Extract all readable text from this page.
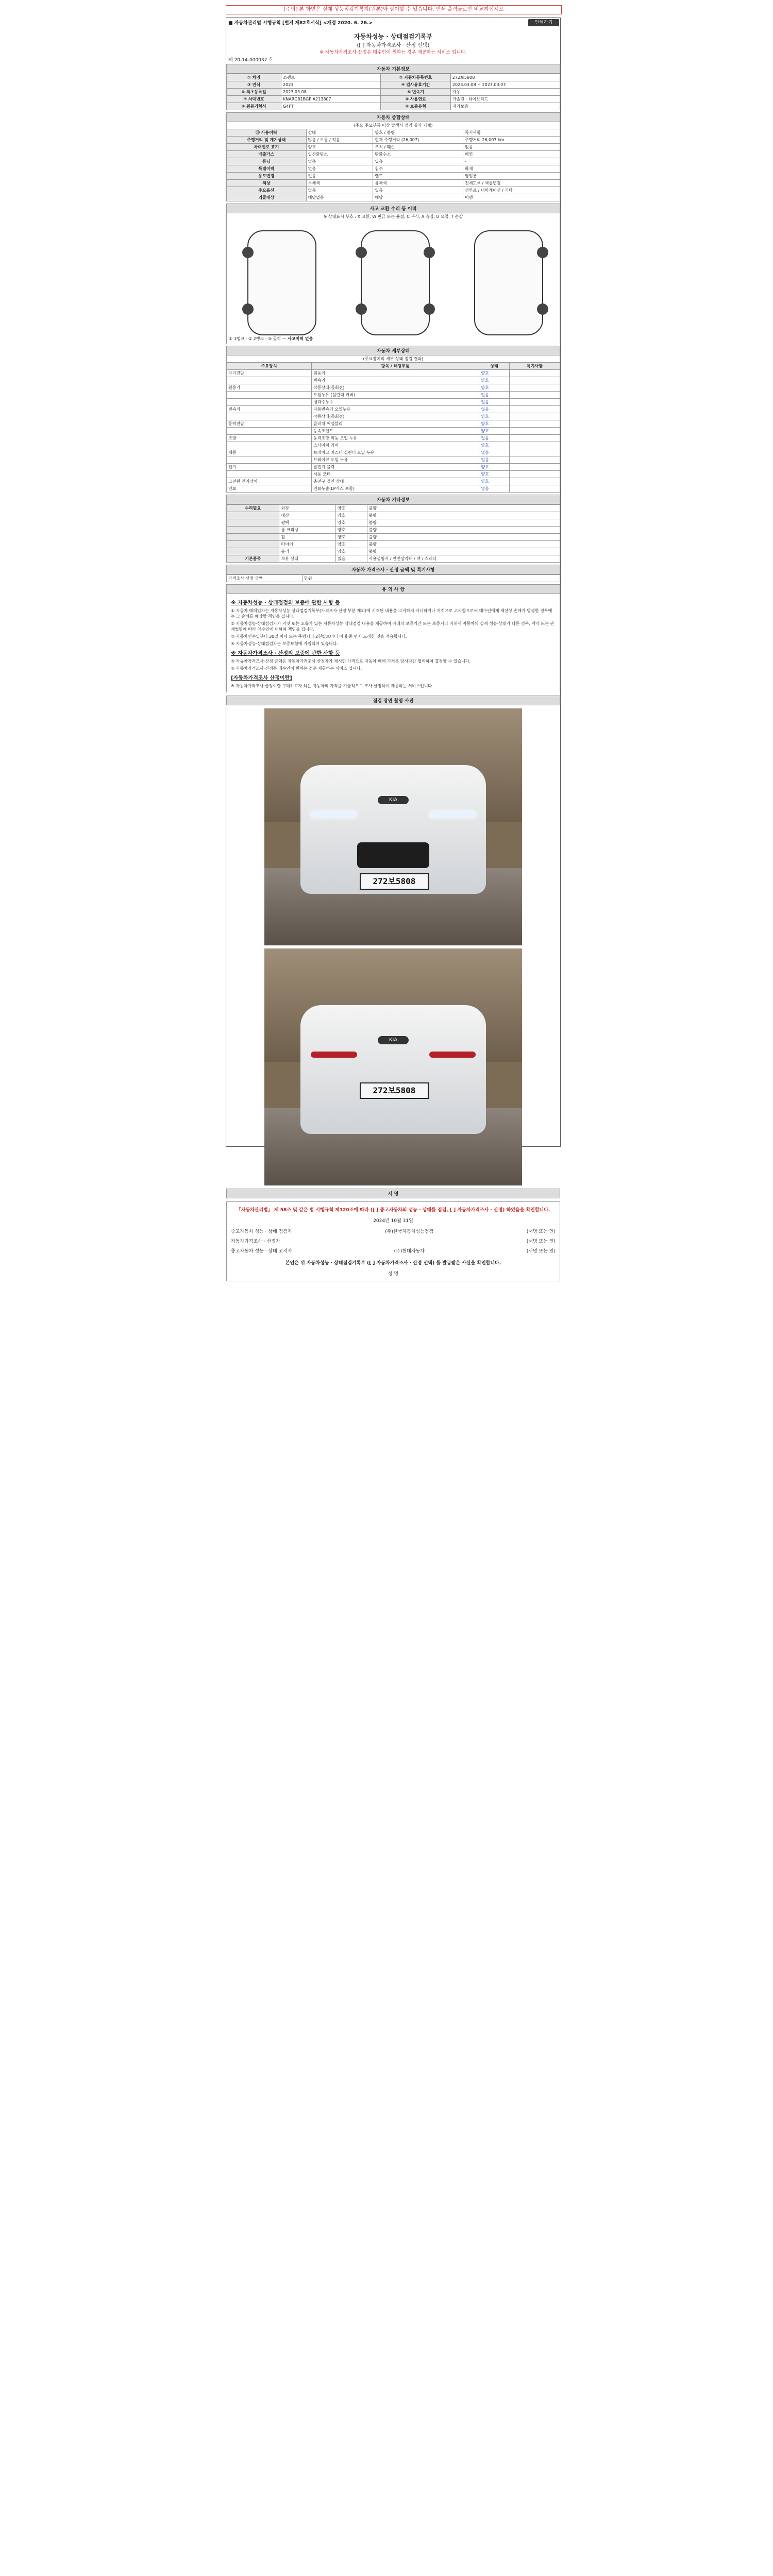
[주의] 본 화면은 실제 성능점검기록지(원본)와 상이할 수 있습니다. 인쇄 출력물로만 비교하십시오
■ 자동차관리법 시행규칙 [별지 제82호서식] <개정 2020. 6. 26.>	인쇄하기
자동차성능 · 상태점검기록부
([ ] 자동차가격조사 · 산정 선택)
※ 자동차가격조사·산정은 매수인이 원하는 경우 제공하는 서비스 입니다.
제 20-14-000037 호
자동차 기본정보
① 차명	쏘렌토	② 자동차등록번호	272보5808
③ 연식	2023	④ 검사유효기간	2023.03.08 ~ 2027.03.07
⑤ 최초등록일	2023.03.08	⑥ 변속기	자동
⑦ 차대번호	KNARG81BGP A213807	⑧ 사용연료	가솔린 · 하이브리드
⑨ 원동기형식	G4FT	⑩ 보증유형	자가보증
자동차 종합상태
(주요 주요부품 이상 발생시 점검 결과 기재)
⑪ 사용이력	상태	양호 / 불량	특기사항
주행거리 및 계기상태	많음 / 보통 / 적음	현재 주행거리 (26,007)	주행거리 26,007 km
차대번호 표기	양호	부식 / 훼손	없음
배출가스	일산화탄소	탄화수소	매연
튜닝	없음	있음	-
특별이력	없음	침수	화재
용도변경	없음	렌트	영업용
색상	무채색	유채색	전체도색 / 색상변경
주요옵션	없음	있음	선루프 / 내비게이션 / 기타
리콜대상	해당없음	해당	이행
사고 교환 수리 등 이력
※ 상태표시 부호 : X 교환, W 판금 또는 용접, C 부식, A 흠집, U 요철, T 손상
① 1랭크 · ② 2랭크 · ③ 골격 — 사고이력 없음
자동차 세부상태
(주요장치의 세부 상태 점검 결과)
주요장치	항목 / 해당부품	상태	특기사항
자기진단	원동기	양호	
	변속기	양호	
원동기	작동상태(공회전)	양호	
	오일누유 (실린더 커버)	없음	
	냉각수누수	없음	
변속기	자동변속기 오일누유	없음	
	작동상태(공회전)	양호	
동력전달	클러치 어셈블리	양호	
	등속조인트	양호	
조향	동력조향 작동 오일 누유	없음	
	스티어링 기어	양호	
제동	브레이크 마스터 실린더 오일 누유	없음	
	브레이크 오일 누유	없음	
전기	발전기 출력	양호	
	시동 모터	양호	
고전원 전기장치	충전구 절연 상태	양호	
연료	연료누출(LP가스 포함)	없음	
자동차 기타정보
수리필요	외장	양호	불량
	내장	양호	불량
	광택	양호	불량
	룸 크리닝	양호	불량
	휠	양호	불량
	타이어	양호	불량
	유리	양호	불량
기본품목	보유 상태	있음	사용설명서 / 안전삼각대 / 잭 / 스패너
자동차 가격조사 · 산정 금액 및 특기사항
가격조사 산정 금액	만원
유 의 사 항
※ 자동차성능 · 상태점검의 보증에 관한 사항 등

① 자동차 매매업자는 자동차성능·상태점검기록부(가격조사·산정 부분 제외)에 기재된 내용을 고지하지 아니하거나 거짓으로 고지함으로써 매수인에게 재산상 손해가 발생한 경우에는 그 손해를 배상할 책임을 집니다.

② 자동차성능·상태점검자가 거짓 또는 오류가 있는 자동차성능·상태점검 내용을 제공하여 아래의 보증기간 또는 보증거리 이내에 자동차의 실제 성능·상태가 다른 경우, 계약 또는 관계법령에 따라 매수인에 대하여 책임을 집니다.

③ 자동차인수일부터 30일 이내 또는 주행거리 2천킬로미터 이내 중 먼저 도래한 것을 적용합니다.

④ 자동차성능·상태점검자는 보증보험에 가입되어 있습니다.

※ 자동차가격조사 · 산정의 보증에 관한 사항 등

⑤ 자동차가격조사·산정 금액은 자동차가격조사·산정자가 제시한 가격으로 자동차 매매 가격은 당사자간 협의하여 결정할 수 있습니다.

⑥ 자동차가격조사·산정은 매수인이 원하는 경우 제공하는 서비스 입니다.

[자동차가격조사 산정이란]

※ 자동차가격조사·산정이란 구매하고자 하는 자동차의 가격을 기술적으로 조사·산정하여 제공하는 서비스입니다.

점검 장면 촬영 사진
KIA
272보5808
KIA
272보5808
서 명
「자동차관리법」 제 58조 및 같은 법 시행규칙 제120조에 따라 ([ ] 중고자동차의 성능 · 상태를 점검, [ ] 자동차가격조사 · 산정) 하였음을 확인합니다.
2024년 10월 31일
중고자동차 성능 · 상태 점검자	(주)한국자동차성능점검	(서명 또는 인)
자동차가격조사 · 산정자	(서명 또는 인)
중고자동차 성능 · 상태 고지자	(주)현대자동차	(서명 또는 인)
본인은 위 자동차성능 · 상태점검기록부 ([ ] 자동차가격조사 · 산정 선택) 를 발급받은 사실을 확인합니다.
성 명
